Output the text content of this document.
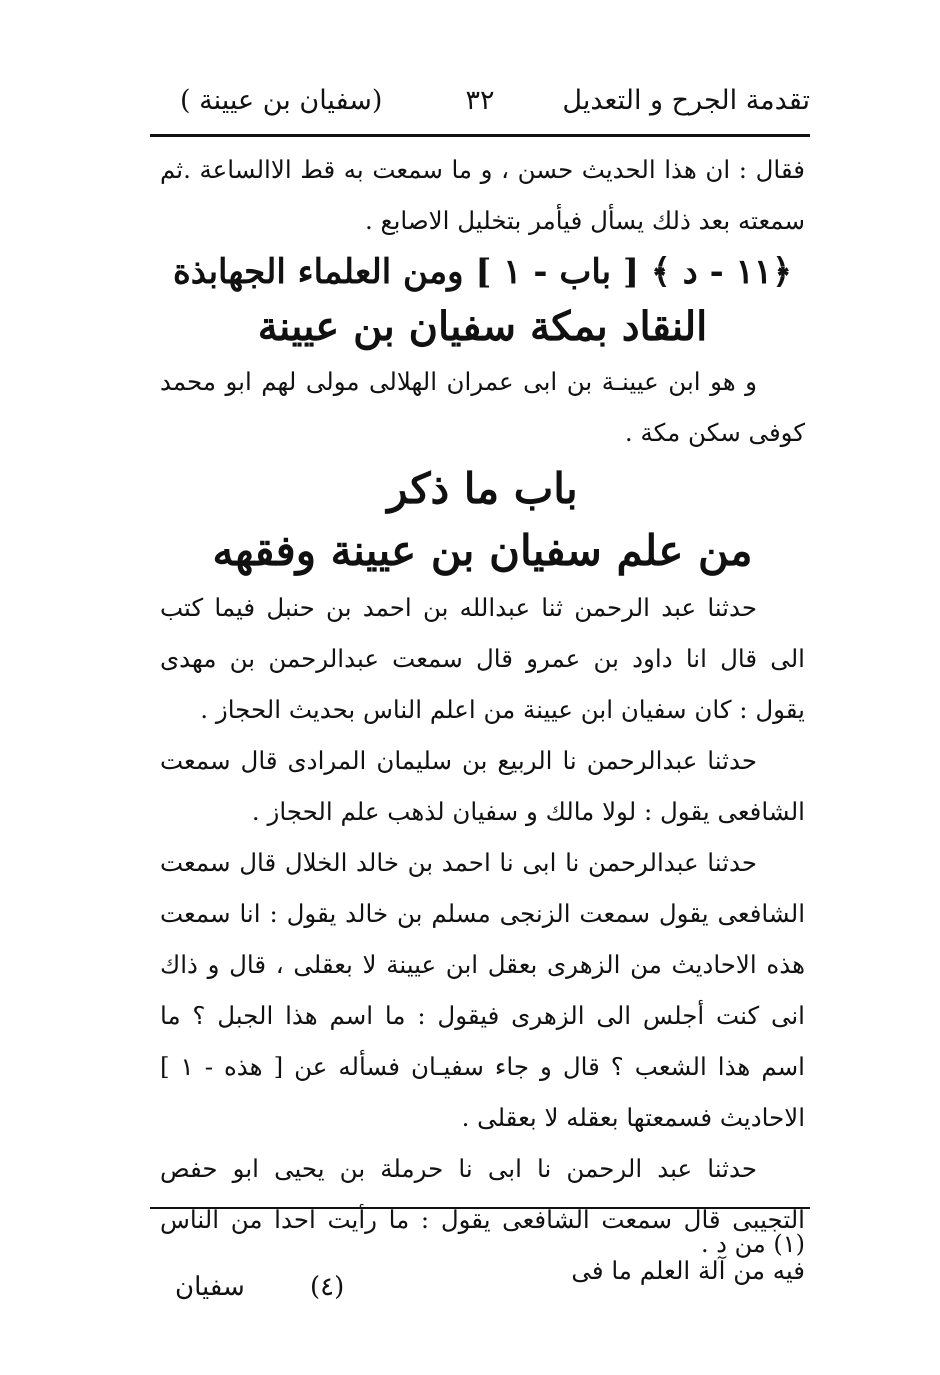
تقدمة الجرح و التعديل
٣٢
(سفيان بن عيينة )

فقال : ان هذا الحديث حسن ، و ما سمعت به قط الاالساعة .ثم سمعته بعد ذلك يسأل فيأمر بتخليل الاصابع .

﴿١١ - د ﴾ [ باب - ١ ] ومن العلماء الجهابذة

النقاد بمكة سفيان بن عيينة

و هو ابن عيينـة بن ابى عمران الهلالى مولى لهم ابو محمد كوفى سكن مكة .

باب ما ذكر

من علم سفيان بن عيينة وفقهه

حدثنا عبد الرحمن ثنا عبدالله بن احمد بن حنبل فيما كتب الى قال انا داود بن عمرو قال سمعت عبدالرحمن بن مهدى يقول : كان سفيان ابن عيينة من اعلم الناس بحديث الحجاز .

حدثنا عبدالرحمن نا الربيع بن سليمان المرادى قال سمعت الشافعى يقول : لولا مالك و سفيان لذهب علم الحجاز .

حدثنا عبدالرحمن نا ابى نا احمد بن خالد الخلال قال سمعت الشافعى يقول سمعت الزنجى مسلم بن خالد يقول : انا سمعت هذه الاحاديث من الزهرى بعقل ابن عيينة لا بعقلى ، قال و ذاك انى كنت أجلس الى الزهرى فيقول : ما اسم هذا الجبل ؟ ما اسم هذا الشعب ؟ قال و جاء سفيـان فسأله عن [ هذه - ١ ] الاحاديث فسمعتها بعقله لا بعقلى .

حدثنا عبد الرحمن نا ابى نا حرملة بن يحيى ابو حفص التجيبى قال سمعت الشافعى يقول : ما رأيت احدا من الناس فيه من آلة العلم ما فى

(١) من د .
(٤)
سفيان
